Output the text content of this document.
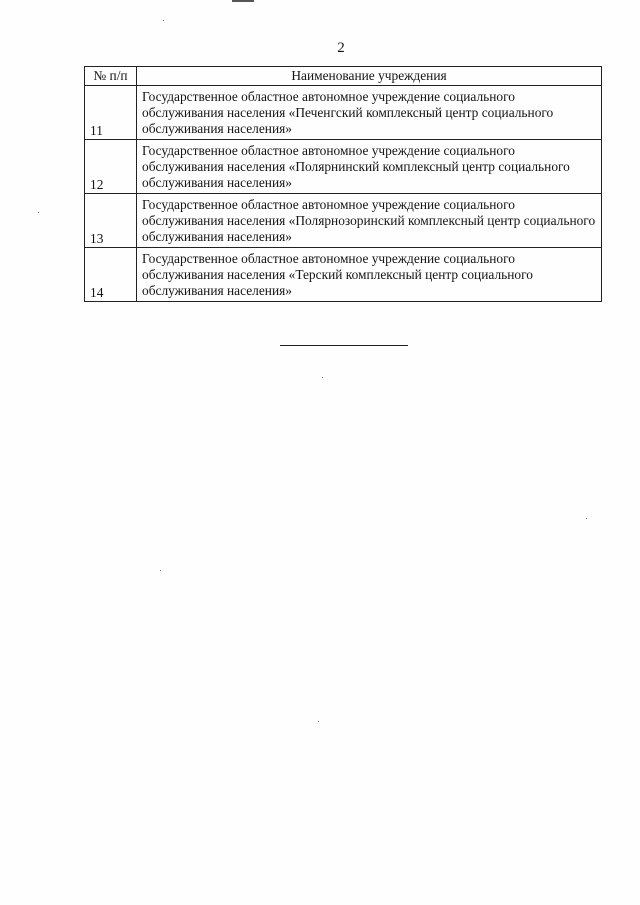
2
№ п/п	Наименование учреждения
11	Государственное областное автономное учреждение социального обслуживания населения «Печенгский комплексный центр социального обслуживания населения»
12	Государственное областное автономное учреждение социального обслуживания населения «Полярнинский комплексный центр социального обслуживания населения»
13	Государственное областное автономное учреждение социального обслуживания населения «Полярнозоринский комплексный центр социального обслуживания населения»
14	Государственное областное автономное учреждение социального обслуживания населения «Терский комплексный центр социального обслуживания населения»
